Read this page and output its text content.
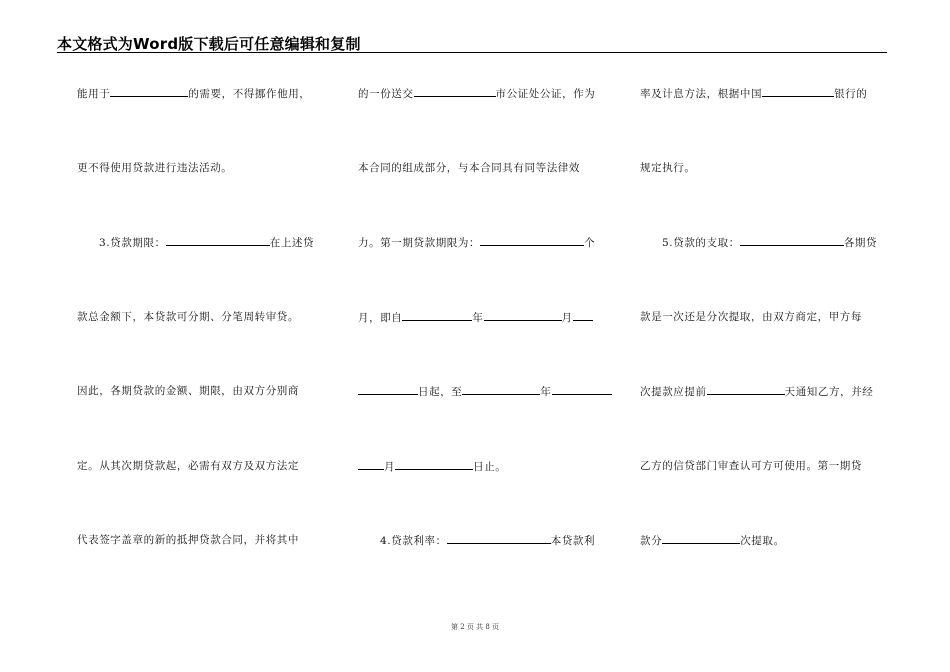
本文格式为Word版下载后可任意编辑和复制
能用于	的需要，不得挪作他用，
更不得使用贷款进行违法活动。
3.贷款期限：	在上述贷
款总金额下，本贷款可分期、分笔周转审贷。
因此，各期贷款的金额、期限，由双方分别商
定。从其次期贷款起，必需有双方及双方法定
代表签字盖章的新的抵押贷款合同，并将其中
的一份送交	市公证处公证，作为
本合同的组成部分，与本合同具有同等法律效
力。第一期贷款期限为：	个
月，即自	年	月
日起，至	年
月	日止。
4.贷款利率：	本贷款利
率及计息方法，根据中国	银行的
规定执行。
5.贷款的支取：	各期贷
款是一次还是分次提取，由双方商定，甲方每
次提款应提前	天通知乙方，并经
乙方的信贷部门审查认可方可使用。第一期贷
款分	次提取。
第 2 页 共 8 页
